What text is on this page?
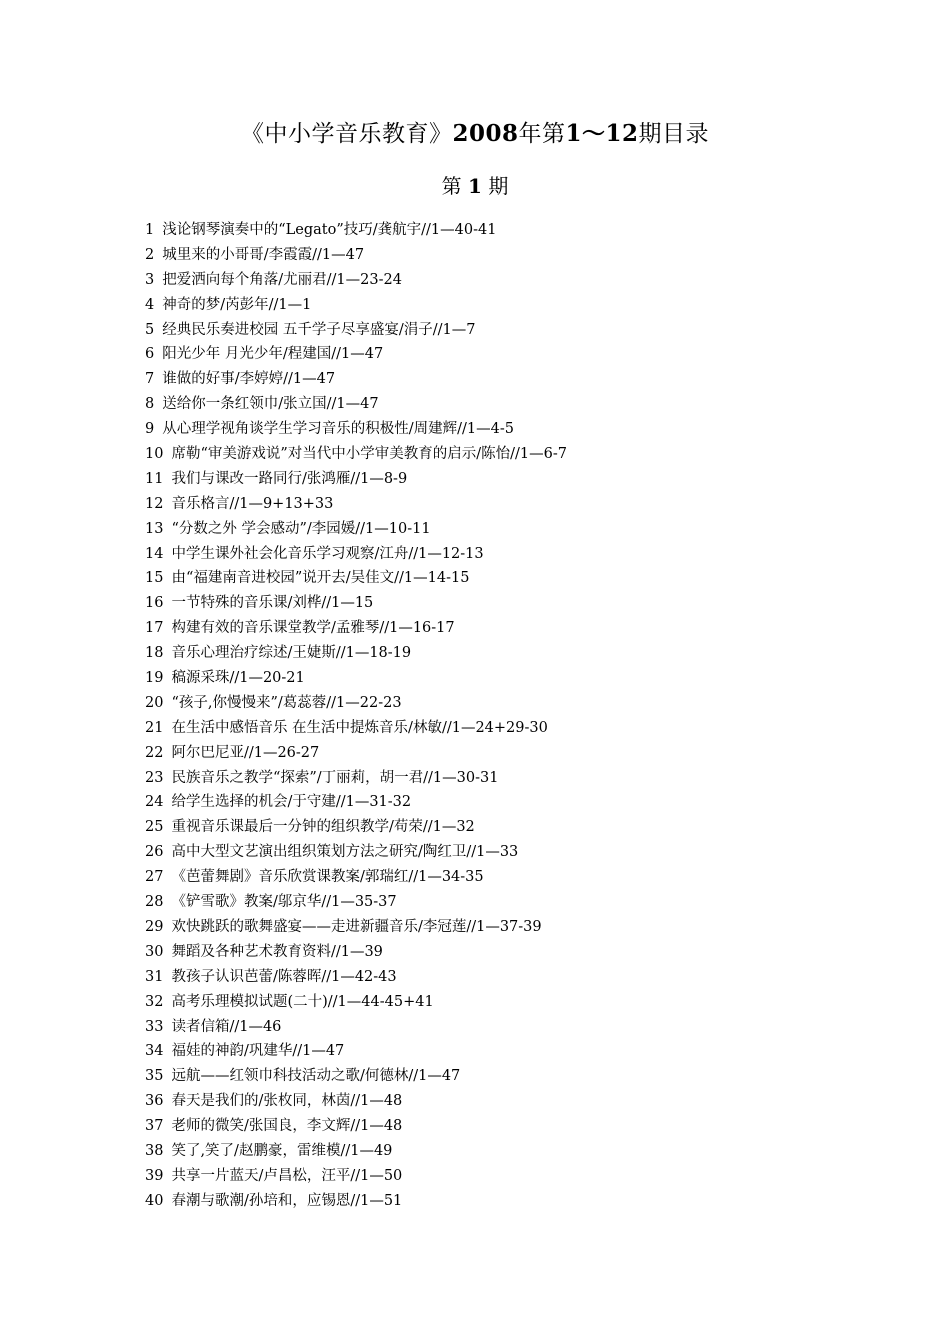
《中小学音乐教育》2008年第1～12期目录
第 1 期
1 浅论钢琴演奏中的“Legato”技巧/龚航宇//1—40-41
2 城里来的小哥哥/李霞霞//1—47
3 把爱洒向每个角落/尤丽君//1—23-24
4 神奇的梦/芮彭年//1—1
5 经典民乐奏进校园 五千学子尽享盛宴/涓子//1—7
6 阳光少年 月光少年/程建国//1—47
7 谁做的好事/李婷婷//1—47
8 送给你一条红领巾/张立国//1—47
9 从心理学视角谈学生学习音乐的积极性/周建辉//1—4-5
10 席勒“审美游戏说”对当代中小学审美教育的启示/陈怡//1—6-7
11 我们与课改一路同行/张鸿雁//1—8-9
12 音乐格言//1—9+13+33
13 “分数之外 学会感动”/李园媛//1—10-11
14 中学生课外社会化音乐学习观察/江舟//1—12-13
15 由“福建南音进校园”说开去/吴佳文//1—14-15
16 一节特殊的音乐课/刘桦//1—15
17 构建有效的音乐课堂教学/孟雅琴//1—16-17
18 音乐心理治疗综述/王婕斯//1—18-19
19 稿源采珠//1—20-21
20 “孩子,你慢慢来”/葛蕊蓉//1—22-23
21 在生活中感悟音乐 在生活中提炼音乐/林敏//1—24+29-30
22 阿尔巴尼亚//1—26-27
23 民族音乐之教学“探索”/丁丽莉，胡一君//1—30-31
24 给学生选择的机会/于守建//1—31-32
25 重视音乐课最后一分钟的组织教学/苟荣//1—32
26 高中大型文艺演出组织策划方法之研究/陶红卫//1—33
27 《芭蕾舞剧》音乐欣赏课教案/郭瑞红//1—34-35
28 《铲雪歌》教案/邬京华//1—35-37
29 欢快跳跃的歌舞盛宴——走进新疆音乐/李冠莲//1—37-39
30 舞蹈及各种艺术教育资料//1—39
31 教孩子认识芭蕾/陈蓉晖//1—42-43
32 高考乐理模拟试题(二十)//1—44-45+41
33 读者信箱//1—46
34 福娃的神韵/巩建华//1—47
35 远航——红领巾科技活动之歌/何德林//1—47
36 春天是我们的/张枚同，林茵//1—48
37 老师的微笑/张国良，李文辉//1—48
38 笑了,笑了/赵鹏豪，雷维模//1—49
39 共享一片蓝天/卢昌松，汪平//1—50
40 春潮与歌潮/孙培和，应锡恩//1—51
